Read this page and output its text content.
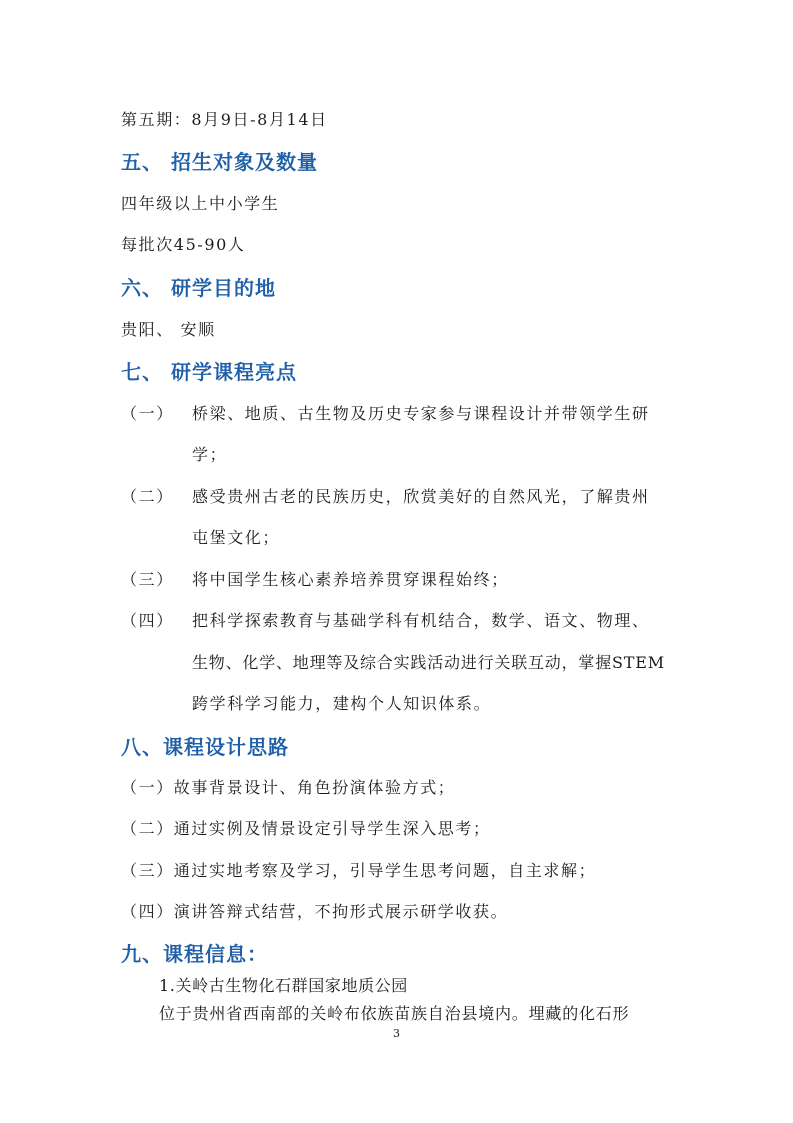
第五期：8月9日-8月14日
五、 招生对象及数量
四年级以上中小学生
每批次45-90人
六、 研学目的地
贵阳、 安顺
七、 研学课程亮点
（一） 桥梁、地质、古生物及历史专家参与课程设计并带领学生研
学；
（二） 感受贵州古老的民族历史，欣赏美好的自然风光，了解贵州
屯堡文化；
（三） 将中国学生核心素养培养贯穿课程始终；
（四） 把科学探索教育与基础学科有机结合，数学、语文、物理、
生物、化学、地理等及综合实践活动进行关联互动，掌握STEM
跨学科学习能力，建构个人知识体系。
八、课程设计思路
（一）故事背景设计、角色扮演体验方式；
（二）通过实例及情景设定引导学生深入思考；
（三）通过实地考察及学习，引导学生思考问题，自主求解；
（四）演讲答辩式结营，不拘形式展示研学收获。
九、课程信息：
1.关岭古生物化石群国家地质公园
位于贵州省西南部的关岭布依族苗族自治县境内。埋藏的化石形
3
